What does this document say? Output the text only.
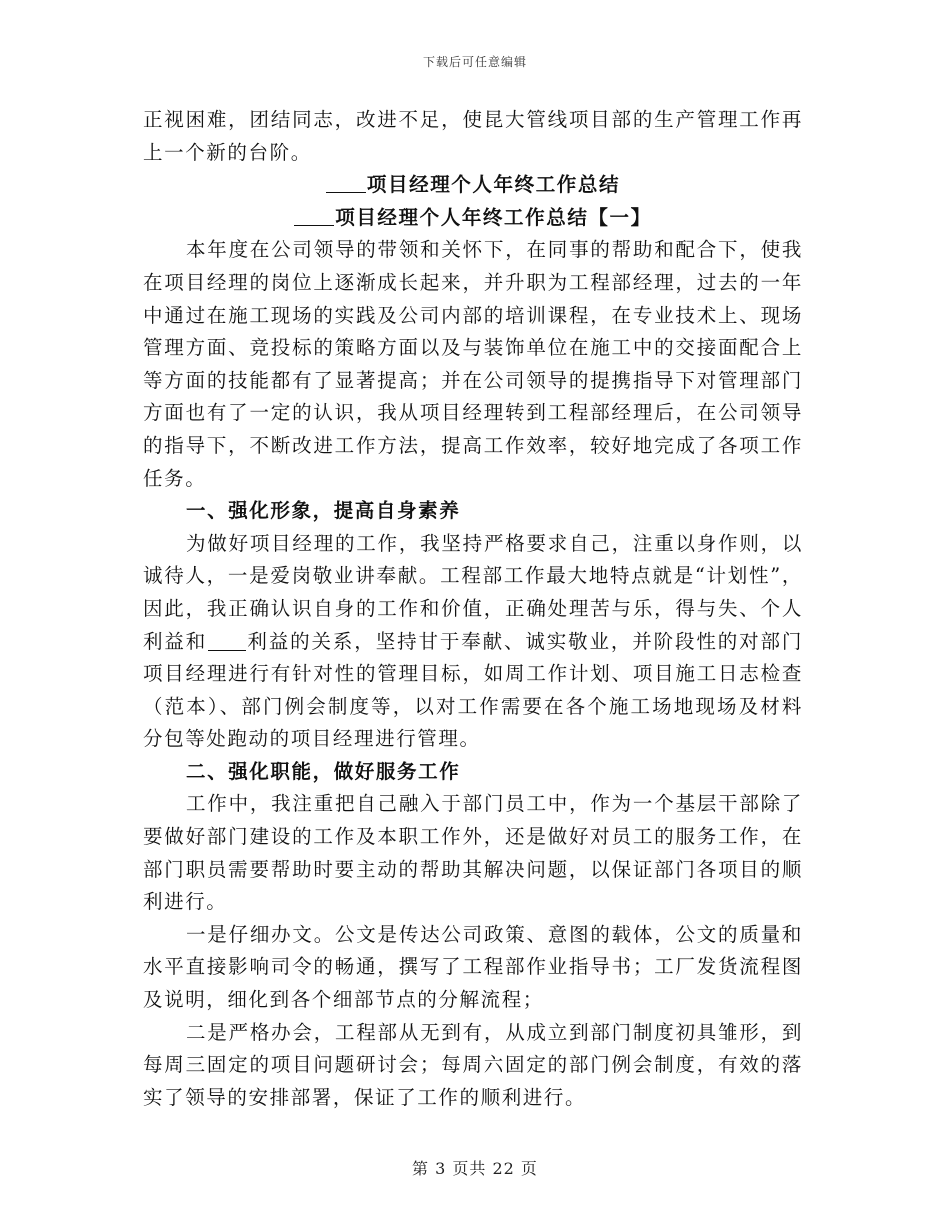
下载后可任意编辑

正视困难，团结同志，改进不足，使昆大管线项目部的生产管理工作再上一个新的台阶。

项目经理个人年终工作总结

项目经理个人年终工作总结【一】

本年度在公司领导的带领和关怀下，在同事的帮助和配合下，使我在项目经理的岗位上逐渐成长起来，并升职为工程部经理，过去的一年中通过在施工现场的实践及公司内部的培训课程，在专业技术上、现场管理方面、竞投标的策略方面以及与装饰单位在施工中的交接面配合上等方面的技能都有了显著提高；并在公司领导的提携指导下对管理部门方面也有了一定的认识，我从项目经理转到工程部经理后，在公司领导的指导下，不断改进工作方法，提高工作效率，较好地完成了各项工作任务。

一、强化形象，提高自身素养

为做好项目经理的工作，我坚持严格要求自己，注重以身作则，以诚待人，一是爱岗敬业讲奉献。工程部工作最大地特点就是“计划性”，因此，我正确认识自身的工作和价值，正确处理苦与乐，得与失、个人利益和 利益的关系，坚持甘于奉献、诚实敬业，并阶段性的对部门项目经理进行有针对性的管理目标，如周工作计划、项目施工日志检查（范本）、部门例会制度等，以对工作需要在各个施工场地现场及材料分包等处跑动的项目经理进行管理。

二、强化职能，做好服务工作

工作中，我注重把自己融入于部门员工中，作为一个基层干部除了要做好部门建设的工作及本职工作外，还是做好对员工的服务工作，在部门职员需要帮助时要主动的帮助其解决问题，以保证部门各项目的顺利进行。

一是仔细办文。公文是传达公司政策、意图的载体，公文的质量和水平直接影响司令的畅通，撰写了工程部作业指导书；工厂发货流程图及说明，细化到各个细部节点的分解流程；

二是严格办会，工程部从无到有，从成立到部门制度初具雏形，到每周三固定的项目问题研讨会；每周六固定的部门例会制度，有效的落实了领导的安排部署，保证了工作的顺利进行。

第 3 页共 22 页
